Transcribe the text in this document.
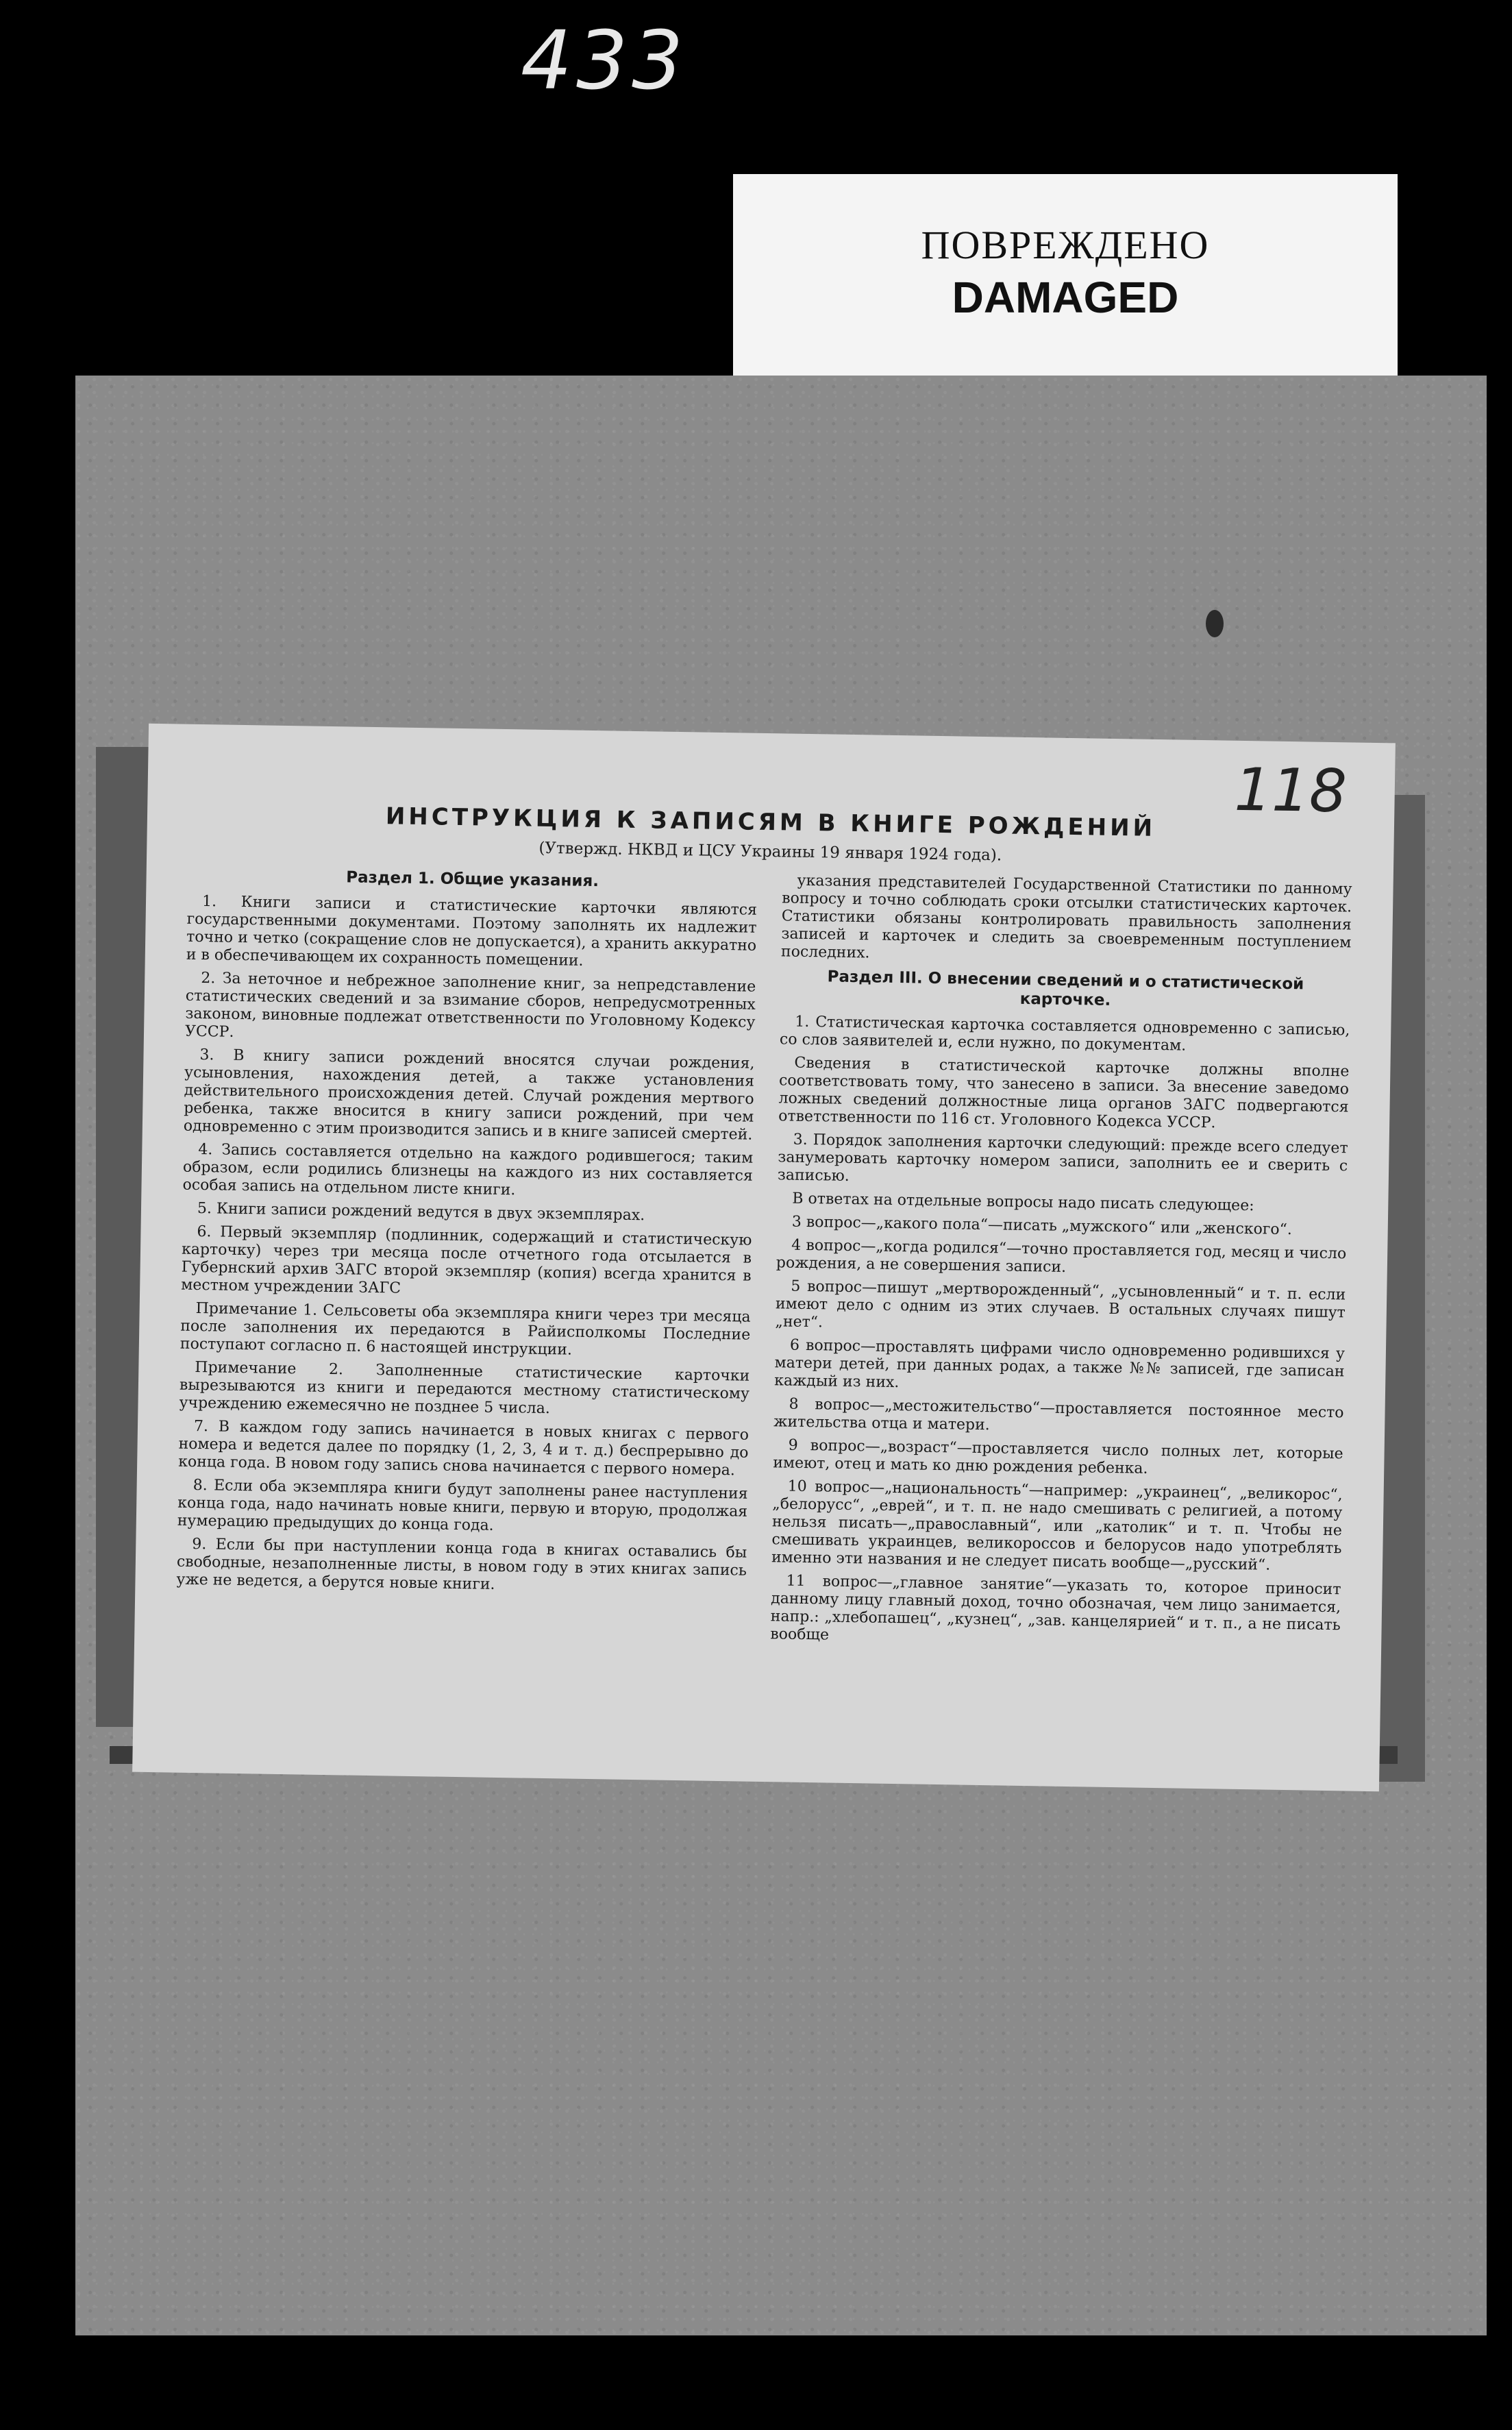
433
ПОВРЕЖДЕНО
DAMAGED
118
ИНСТРУКЦИЯ К ЗАПИСЯМ В КНИГЕ РОЖДЕНИЙ
(Утвержд. НКВД и ЦСУ Украины 19 января 1924 года).
Раздел 1. Общие указания.

1. Книги записи и статистические карточки являются государственными документами. Поэтому заполнять их надлежит точно и четко (сокращение слов не допускается), а хранить аккуратно и в обеспечивающем их сохранность помещении.

2. За неточное и небрежное заполнение книг, за непредставление статистических сведений и за взимание сборов, непредусмотренных законом, виновные подлежат ответственности по Уголовному Кодексу УССР.

3. В книгу записи рождений вносятся случаи рождения, усыновления, нахождения детей, а также установления действительного происхождения детей. Случай рождения мертвого ребенка, также вносится в книгу записи рождений, при чем одновременно с этим производится запись и в книге записей смертей.

4. Запись составляется отдельно на каждого родившегося; таким образом, если родились близнецы на каждого из них составляется особая запись на отдельном листе книги.

5. Книги записи рождений ведутся в двух экземплярах.

6. Первый экземпляр (подлинник, содержащий и статистическую карточку) через три месяца после отчетного года отсылается в Губернский архив ЗАГС второй экземпляр (копия) всегда хранится в местном учреждении ЗАГС

Примечание 1. Сельсоветы оба экземпляра книги через три месяца после заполнения их передаются в Райисполкомы Последние поступают согласно п. 6 настоящей инструкции.

Примечание 2. Заполненные статистические карточки вырезываются из книги и передаются местному статистическому учреждению ежемесячно не позднее 5 числа.

7. В каждом году запись начинается в новых книгах с первого номера и ведется далее по порядку (1, 2, 3, 4 и т. д.) беспрерывно до конца года. В новом году запись снова начинается с первого номера.

8. Если оба экземпляра книги будут заполнены ранее наступления конца года, надо начинать новые книги, первую и вторую, продолжая нумерацию предыдущих до конца года.

9. Если бы при наступлении конца года в книгах оставались бы свободные, незаполненные листы, в новом году в этих книгах запись уже не ведется, а берутся новые книги.

указания представителей Государственной Статистики по данному вопросу и точно соблюдать сроки отсылки статистических карточек. Статистики обязаны контролировать правильность заполнения записей и карточек и следить за своевременным поступлением последних.

Раздел III. О внесении сведений и о статистической карточке.

1. Статистическая карточка составляется одновременно с записью, со слов заявителей и, если нужно, по документам.

Сведения в статистической карточке должны вполне соответствовать тому, что занесено в записи. За внесение заведомо ложных сведений должностные лица органов ЗАГС подвергаются ответственности по 116 ст. Уголовного Кодекса УССР.

3. Порядок заполнения карточки следующий: прежде всего следует занумеровать карточку номером записи, заполнить ее и сверить с записью.

В ответах на отдельные вопросы надо писать следующее:

3 вопрос—„какого пола“—писать „мужского“ или „женского“.

4 вопрос—„когда родился“—точно проставляется год, месяц и число рождения, а не совершения записи.

5 вопрос—пишут „мертворожденный“, „усыновленный“ и т. п. если имеют дело с одним из этих случаев. В остальных случаях пишут „нет“.

6 вопрос—проставлять цифрами число одновременно родившихся у матери детей, при данных родах, а также №№ записей, где записан каждый из них.

8 вопрос—„местожительство“—проставляется постоянное место жительства отца и матери.

9 вопрос—„возраст“—проставляется число полных лет, которые имеют, отец и мать ко дню рождения ребенка.

10 вопрос—„национальность“—например: „украинец“, „великорос“, „белорусс“, „еврей“, и т. п. не надо смешивать с религией, а потому нельзя писать—„православный“, или „католик“ и т. п. Чтобы не смешивать украинцев, великороссов и белорусов надо употреблять именно эти названия и не следует писать вообще—„русский“.

11 вопрос—„главное занятие“—указать то, которое приносит данному лицу главный доход, точно обозначая, чем лицо занимается, напр.: „хлебопашец“, „кузнец“, „зав. канцелярией“ и т. п., а не писать вообще
